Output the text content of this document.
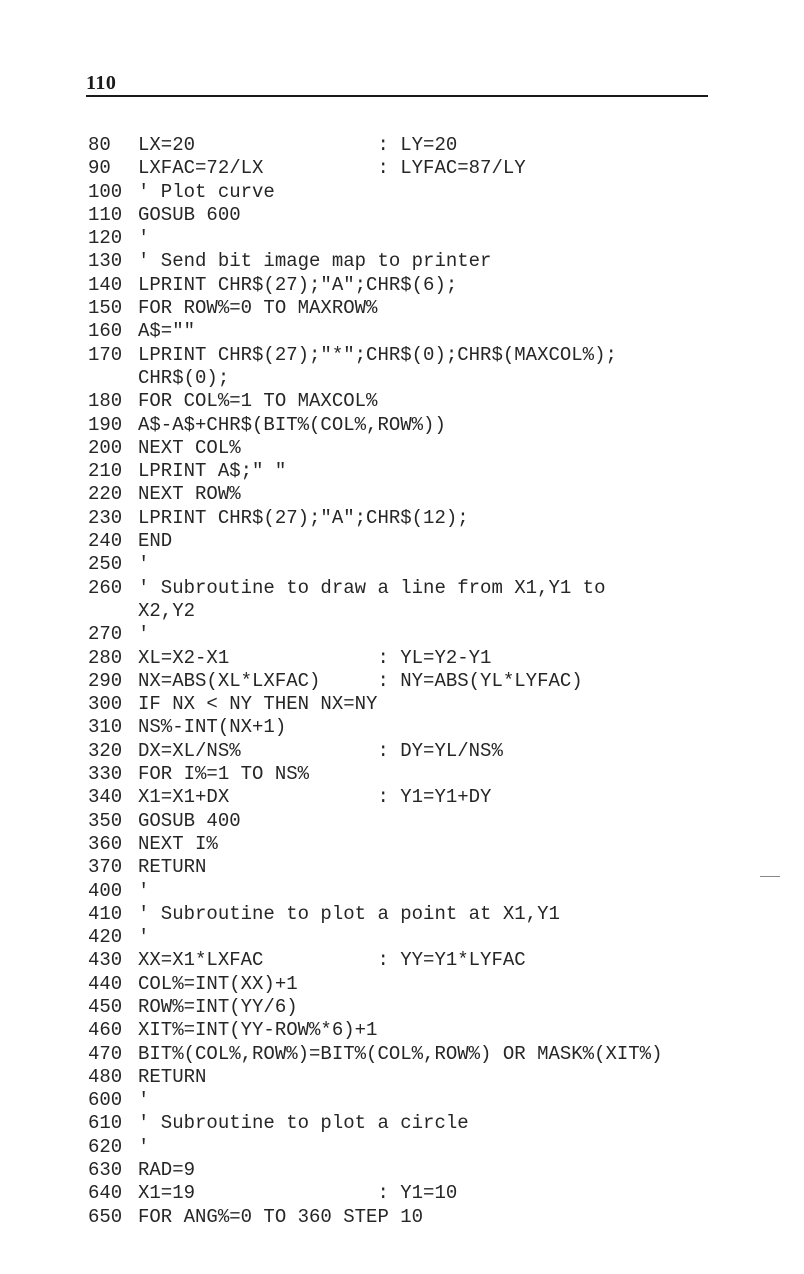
110
80 LX=20                : LY=20
90 LXFAC=72/LX          : LYFAC=87/LY
100 ' Plot curve
110 GOSUB 600
120 '
130 ' Send bit image map to printer
140 LPRINT CHR$(27);"A";CHR$(6);
150 FOR ROW%=0 TO MAXROW%
160 A$=""
170 LPRINT CHR$(27);"*";CHR$(0);CHR$(MAXCOL%);
CHR$(0);
180 FOR COL%=1 TO MAXCOL%
190 A$-A$+CHR$(BIT%(COL%,ROW%))
200 NEXT COL%
210 LPRINT A$;" "
220 NEXT ROW%
230 LPRINT CHR$(27);"A";CHR$(12);
240 END
250 '
260 ' Subroutine to draw a line from X1,Y1 to
X2,Y2
270 '
280 XL=X2-X1             : YL=Y2-Y1
290 NX=ABS(XL*LXFAC)     : NY=ABS(YL*LYFAC)
300 IF NX < NY THEN NX=NY
310 NS%-INT(NX+1)
320 DX=XL/NS%            : DY=YL/NS%
330 FOR I%=1 TO NS%
340 X1=X1+DX             : Y1=Y1+DY
350 GOSUB 400
360 NEXT I%
370 RETURN
400 '
410 ' Subroutine to plot a point at X1,Y1
420 '
430 XX=X1*LXFAC          : YY=Y1*LYFAC
440 COL%=INT(XX)+1
450 ROW%=INT(YY/6)
460 XIT%=INT(YY-ROW%*6)+1
470 BIT%(COL%,ROW%)=BIT%(COL%,ROW%) OR MASK%(XIT%)
480 RETURN
600 '
610 ' Subroutine to plot a circle
620 '
630 RAD=9
640 X1=19                : Y1=10
650 FOR ANG%=0 TO 360 STEP 10
